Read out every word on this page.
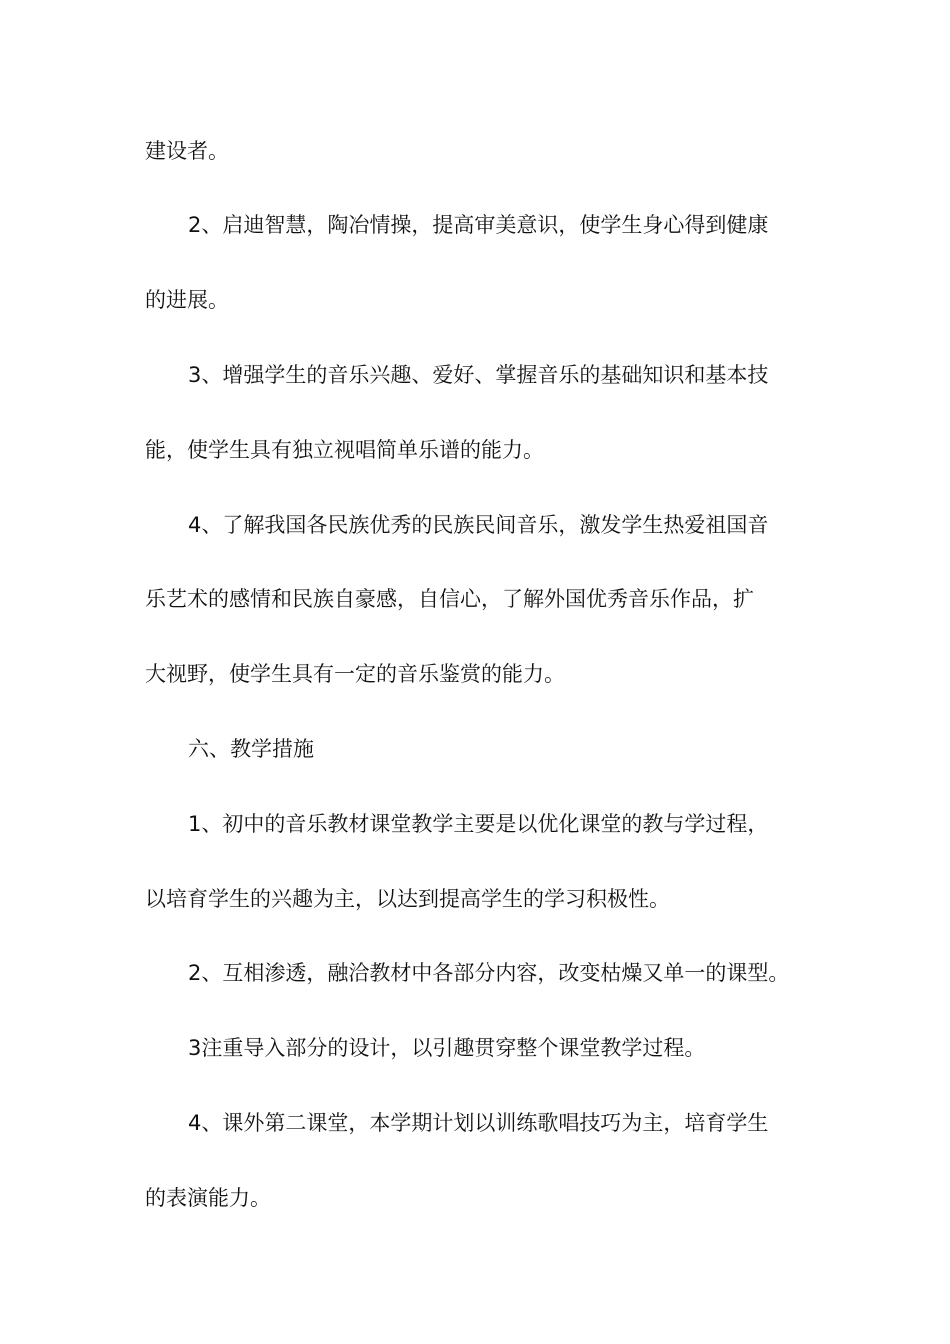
建设者。

2、启迪智慧，陶冶情操，提高审美意识，使学生身心得到健康

的进展。

3、增强学生的音乐兴趣、爱好、掌握音乐的基础知识和基本技

能，使学生具有独立视唱简单乐谱的能力。

4、了解我国各民族优秀的民族民间音乐，激发学生热爱祖国音

乐艺术的感情和民族自豪感，自信心，了解外国优秀音乐作品，扩

大视野，使学生具有一定的音乐鉴赏的能力。

六、教学措施

1、初中的音乐教材课堂教学主要是以优化课堂的教与学过程，

以培育学生的兴趣为主，以达到提高学生的学习积极性。

2、互相渗透，融洽教材中各部分内容，改变枯燥又单一的课型。

3注重导入部分的设计，以引趣贯穿整个课堂教学过程。

4、课外第二课堂，本学期计划以训练歌唱技巧为主，培育学生

的表演能力。
